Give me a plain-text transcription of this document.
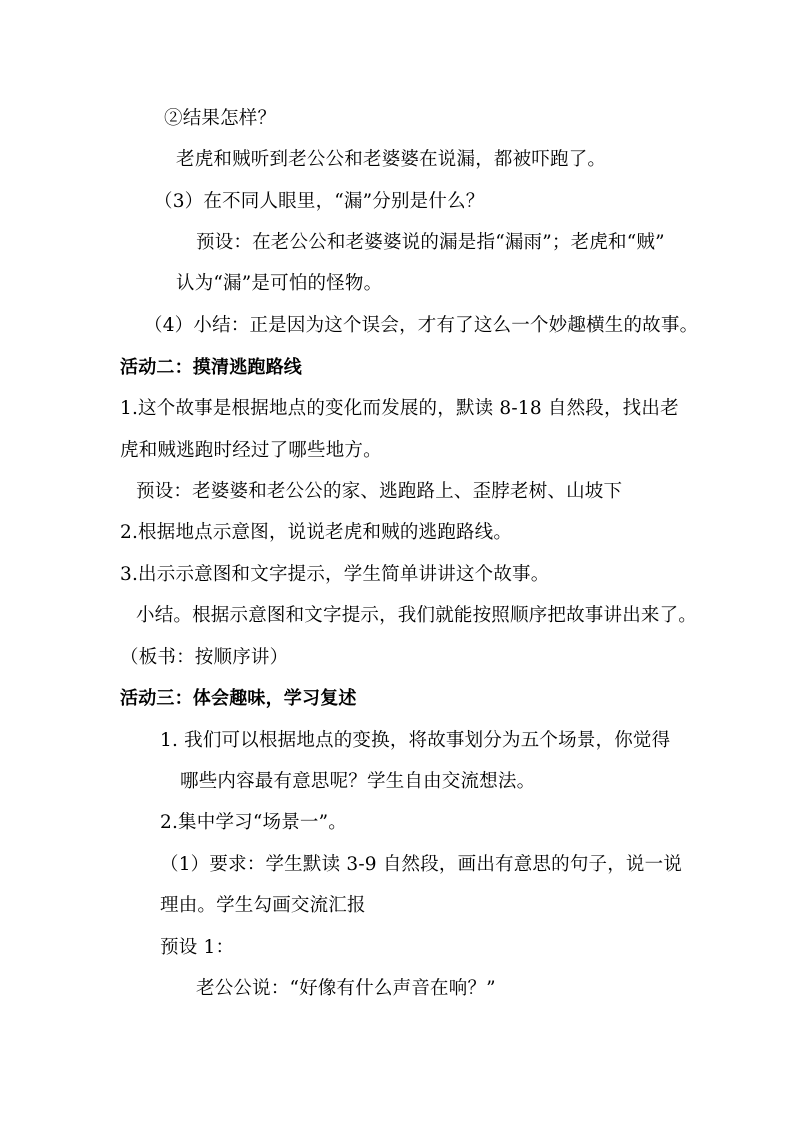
②结果怎样？
老虎和贼听到老公公和老婆婆在说漏，都被吓跑了。
（3）在不同人眼里，“漏”分别是什么？
预设：在老公公和老婆婆说的漏是指“漏雨”；老虎和“贼”
认为“漏”是可怕的怪物。
（4）小结：正是因为这个误会，才有了这么一个妙趣横生的故事。
活动二：摸清逃跑路线
1.这个故事是根据地点的变化而发展的，默读 8-18 自然段，找出老
虎和贼逃跑时经过了哪些地方。
预设：老婆婆和老公公的家、逃跑路上、歪脖老树、山坡下
2.根据地点示意图，说说老虎和贼的逃跑路线。
3.出示示意图和文字提示，学生简单讲讲这个故事。
小结。根据示意图和文字提示，我们就能按照顺序把故事讲出来了。
（板书：按顺序讲）
活动三：体会趣味，学习复述
1. 我们可以根据地点的变换，将故事划分为五个场景，你觉得
哪些内容最有意思呢？学生自由交流想法。
2.集中学习“场景一”。
（1）要求：学生默读 3-9 自然段，画出有意思的句子，说一说
理由。学生勾画交流汇报
预设 1：
老公公说：“好像有什么声音在响？”
